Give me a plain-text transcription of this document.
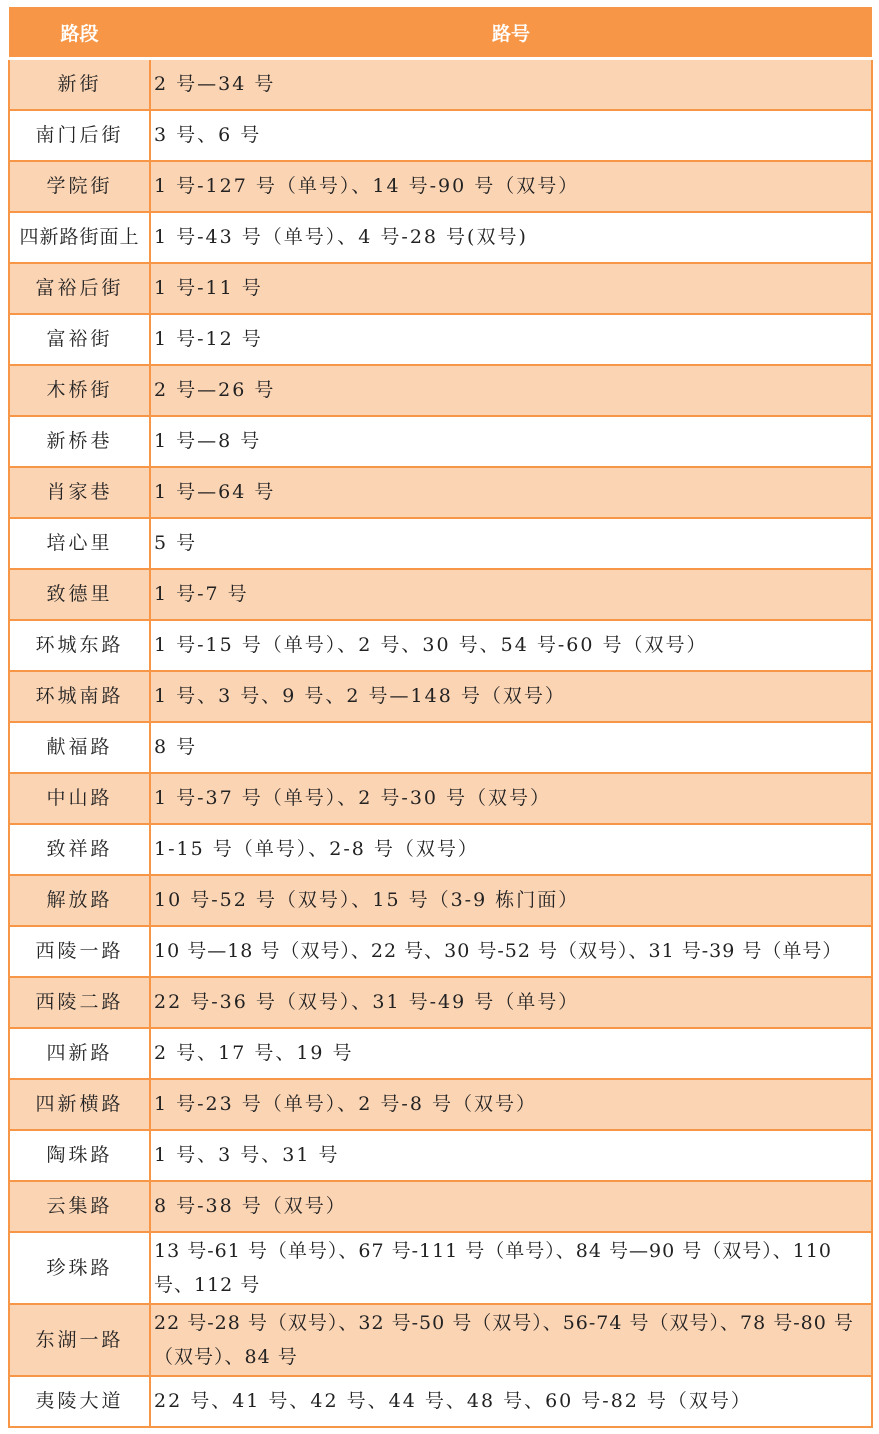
路段	路号
新街	2 号—34 号
南门后街	3 号、6 号
学院街	1 号-127 号（单号）、14 号-90 号（双号）
四新路街面上	1 号-43 号（单号）、4 号-28 号(双号)
富裕后街	1 号-11 号
富裕街	1 号-12 号
木桥街	2 号—26 号
新桥巷	1 号—8 号
肖家巷	1 号—64 号
培心里	5 号
致德里	1 号-7 号
环城东路	1 号-15 号（单号）、2 号、30 号、54 号-60 号（双号）
环城南路	1 号、3 号、9 号、2 号—148 号（双号）
献福路	8 号
中山路	1 号-37 号（单号）、2 号-30 号（双号）
致祥路	1-15 号（单号）、2-8 号（双号）
解放路	10 号-52 号（双号）、15 号（3-9 栋门面）
西陵一路	10 号—18 号（双号）、22 号、30 号-52 号（双号）、31 号-39 号（单号）
西陵二路	22 号-36 号（双号）、31 号-49 号（单号）
四新路	2 号、17 号、19 号
四新横路	1 号-23 号（单号）、2 号-8 号（双号）
陶珠路	1 号、3 号、31 号
云集路	8 号-38 号（双号）
珍珠路	13 号-61 号（单号）、67 号-111 号（单号）、84 号—90 号（双号）、110 号、112 号
东湖一路	22 号-28 号（双号）、32 号-50 号（双号）、56-74 号（双号）、78 号-80 号（双号）、84 号
夷陵大道	22 号、41 号、42 号、44 号、48 号、60 号-82 号（双号）
